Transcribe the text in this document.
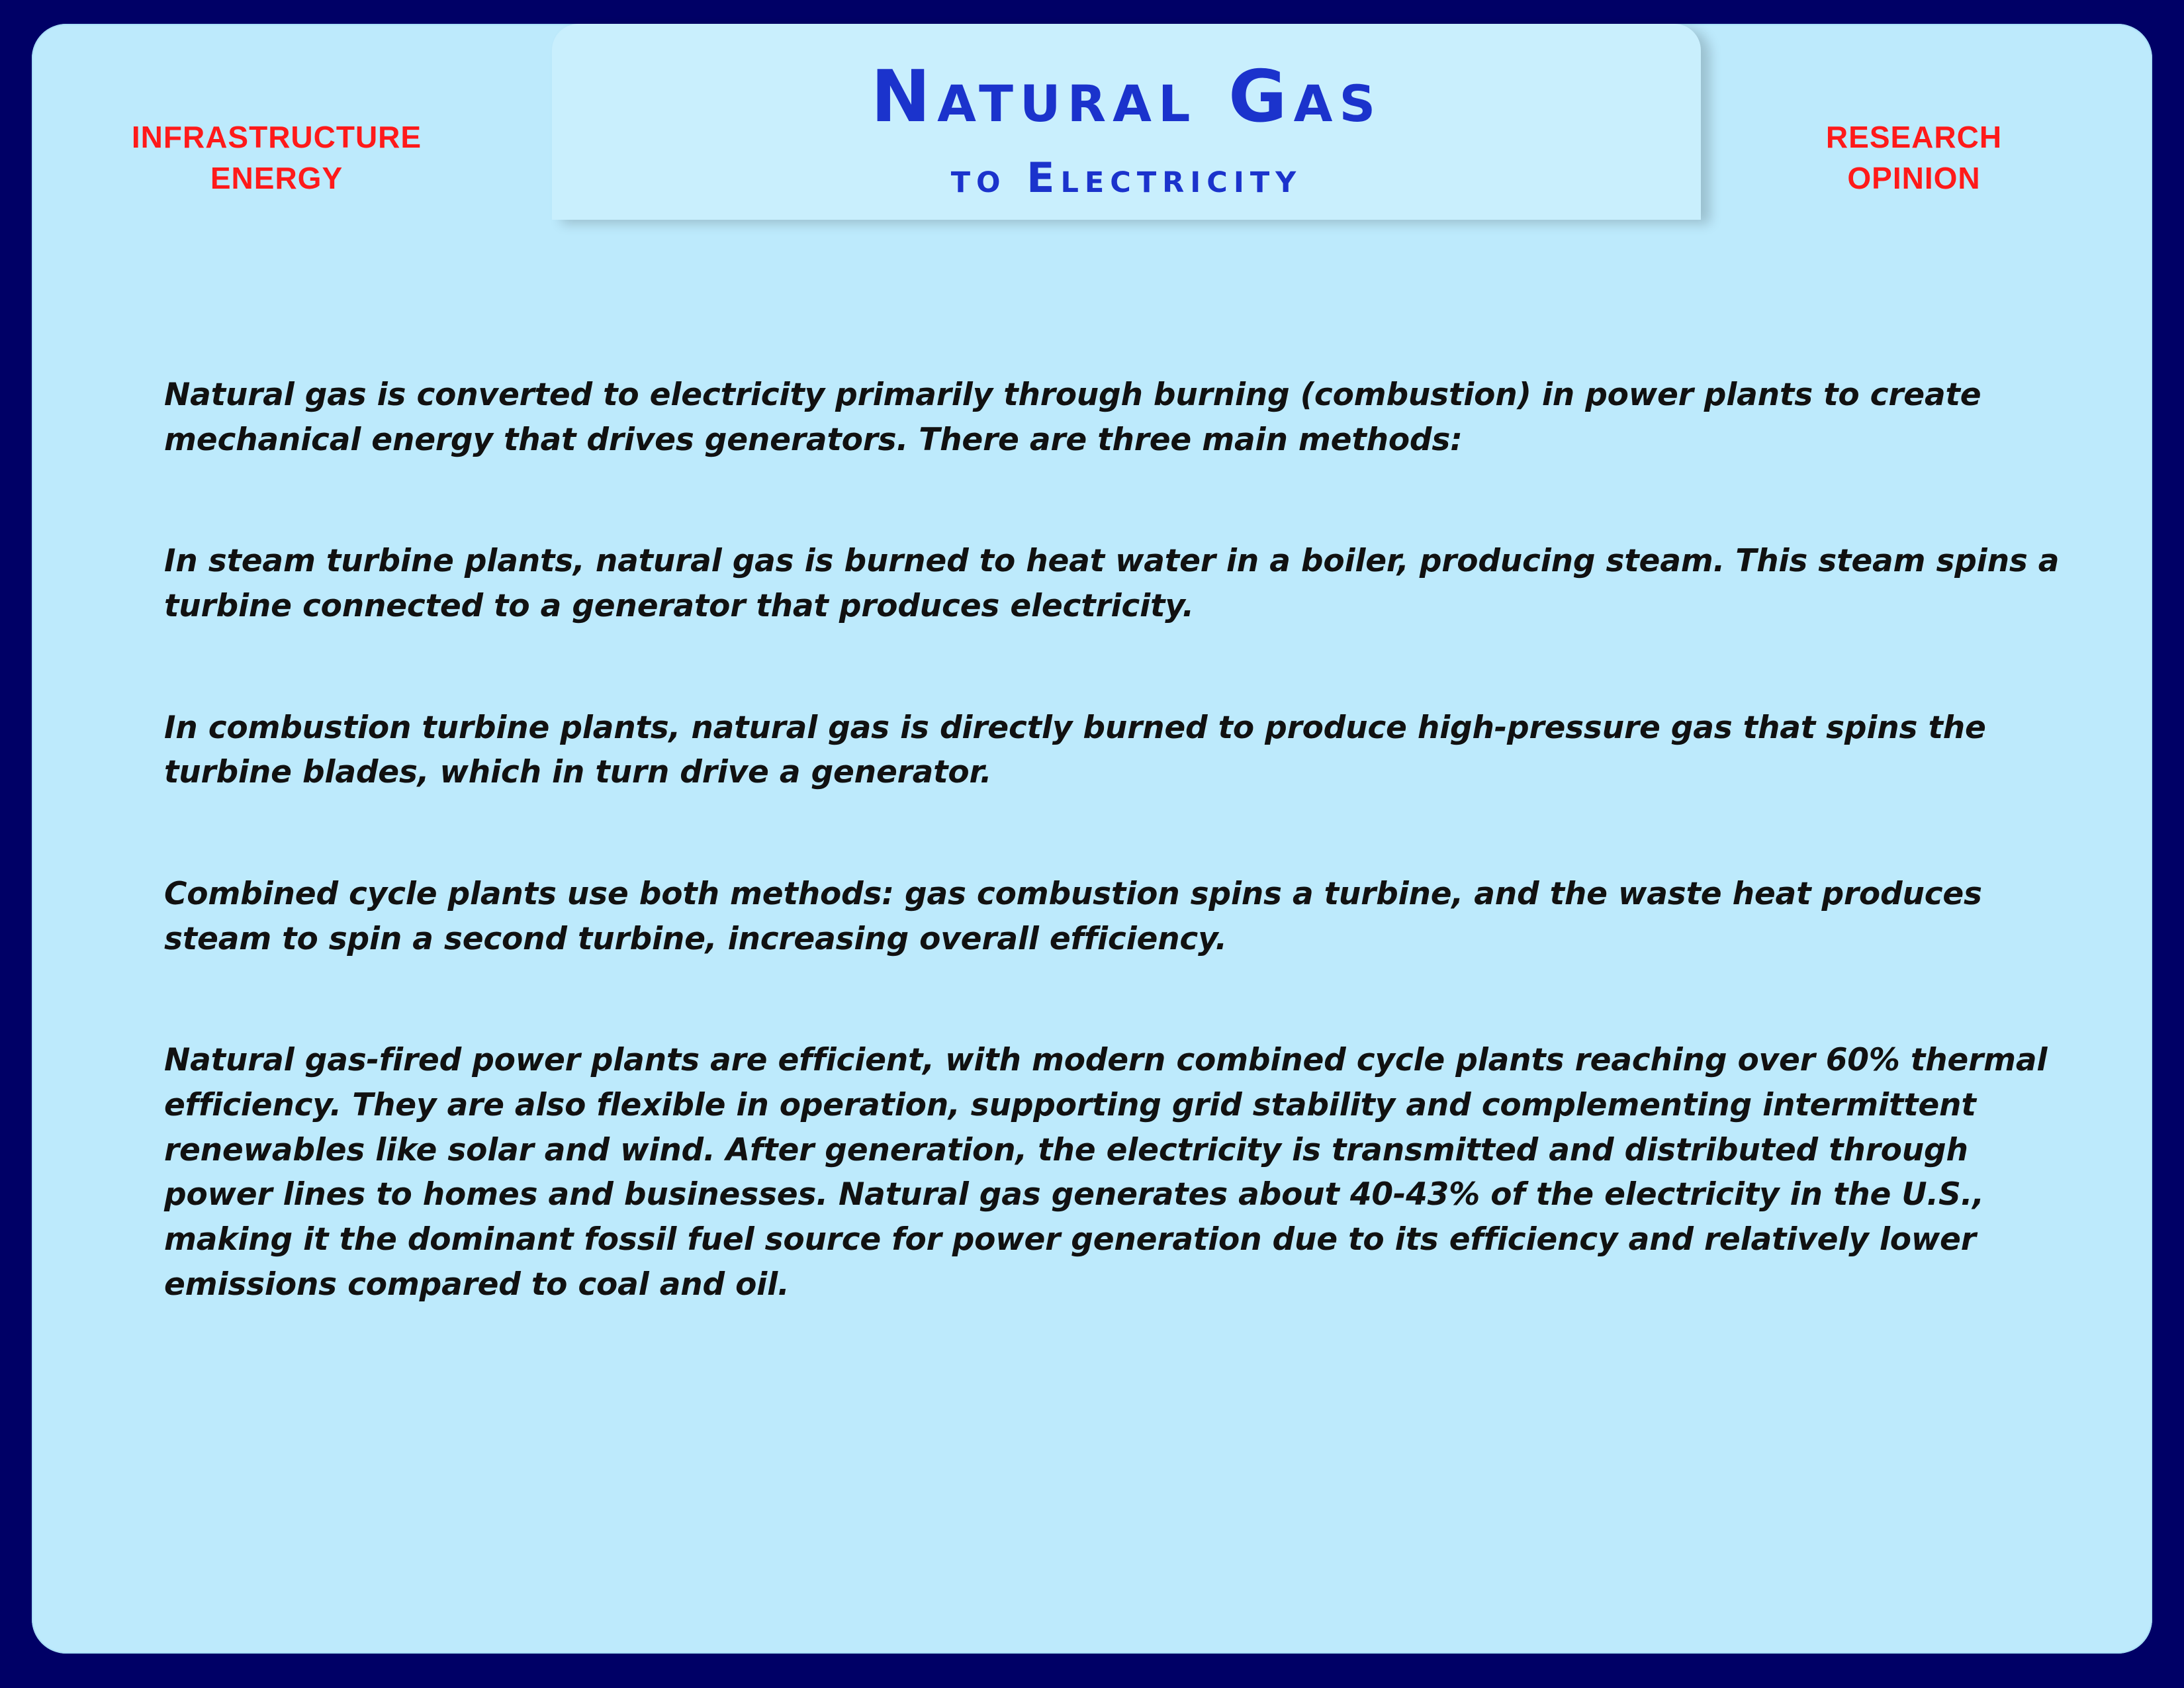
INFRASTRUCTURE
ENERGY
RESEARCH
OPINION
Natural Gas
to Electricity

Natural gas is converted to electricity primarily through burning (combustion) in power plants to create mechanical energy that drives generators. There are three main methods:

In steam turbine plants, natural gas is burned to heat water in a boiler, producing steam. This steam spins a turbine connected to a generator that produces electricity.

In combustion turbine plants, natural gas is directly burned to produce high-pressure gas that spins the turbine blades, which in turn drive a generator.

Combined cycle plants use both methods: gas combustion spins a turbine, and the waste heat produces steam to spin a second turbine, increasing overall efficiency.

Natural gas-fired power plants are efficient, with modern combined cycle plants reaching over 60% thermal efficiency. They are also flexible in operation, supporting grid stability and complementing intermittent renewables like solar and wind. After generation, the electricity is transmitted and distributed through power lines to homes and businesses. Natural gas generates about 40-43% of the electricity in the U.S., making it the dominant fossil fuel source for power generation due to its efficiency and relatively lower emissions compared to coal and oil.
